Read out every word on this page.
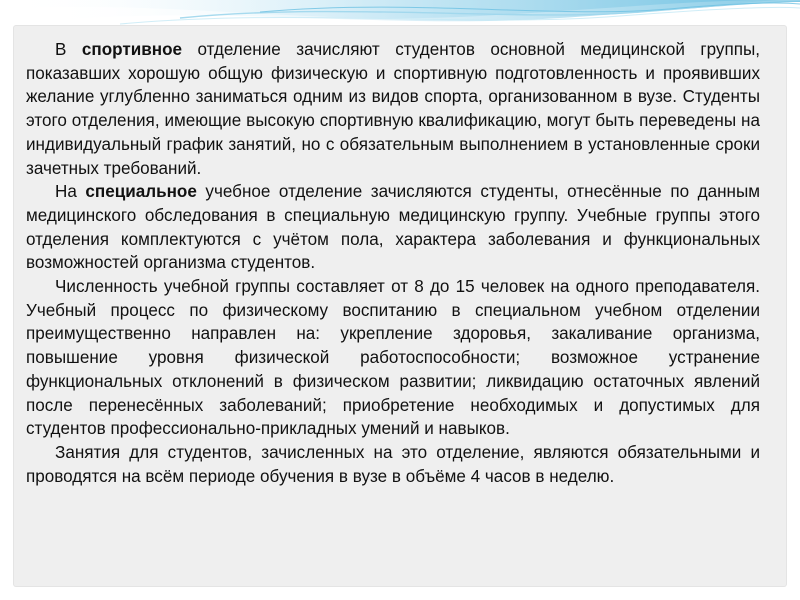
В спортивное отделение зачисляют студентов основной медицинской группы, показавших хорошую общую физическую и спортивную подготовленность и проявивших желание углубленно заниматься одним из видов спорта, организованном в вузе. Студенты этого отделения, имеющие высокую спортивную квалификацию, могут быть переведены на индивидуальный график занятий, но с обязательным выполнением в установленные сроки зачетных требований.

На специальное учебное отделение зачисляются студенты, отнесённые по данным медицинского обследования в специальную медицинскую группу. Учебные группы этого отделения комплектуются с учётом пола, характера заболевания и функциональных возможностей организма студентов.

Численность учебной группы составляет от 8 до 15 человек на одного преподавателя. Учебный процесс по физическому воспитанию в специальном учебном отделении преимущественно направлен на: укрепление здоровья, закаливание организма, повышение уровня физической работоспособности; возможное устранение функциональных отклонений в физическом развитии; ликвидацию остаточных явлений после перенесённых заболеваний; приобретение необходимых и допустимых для студентов профессионально-прикладных умений и навыков.

Занятия для студентов, зачисленных на это отделение, являются обязательными и проводятся на всём периоде обучения в вузе в объёме 4 часов в неделю.
